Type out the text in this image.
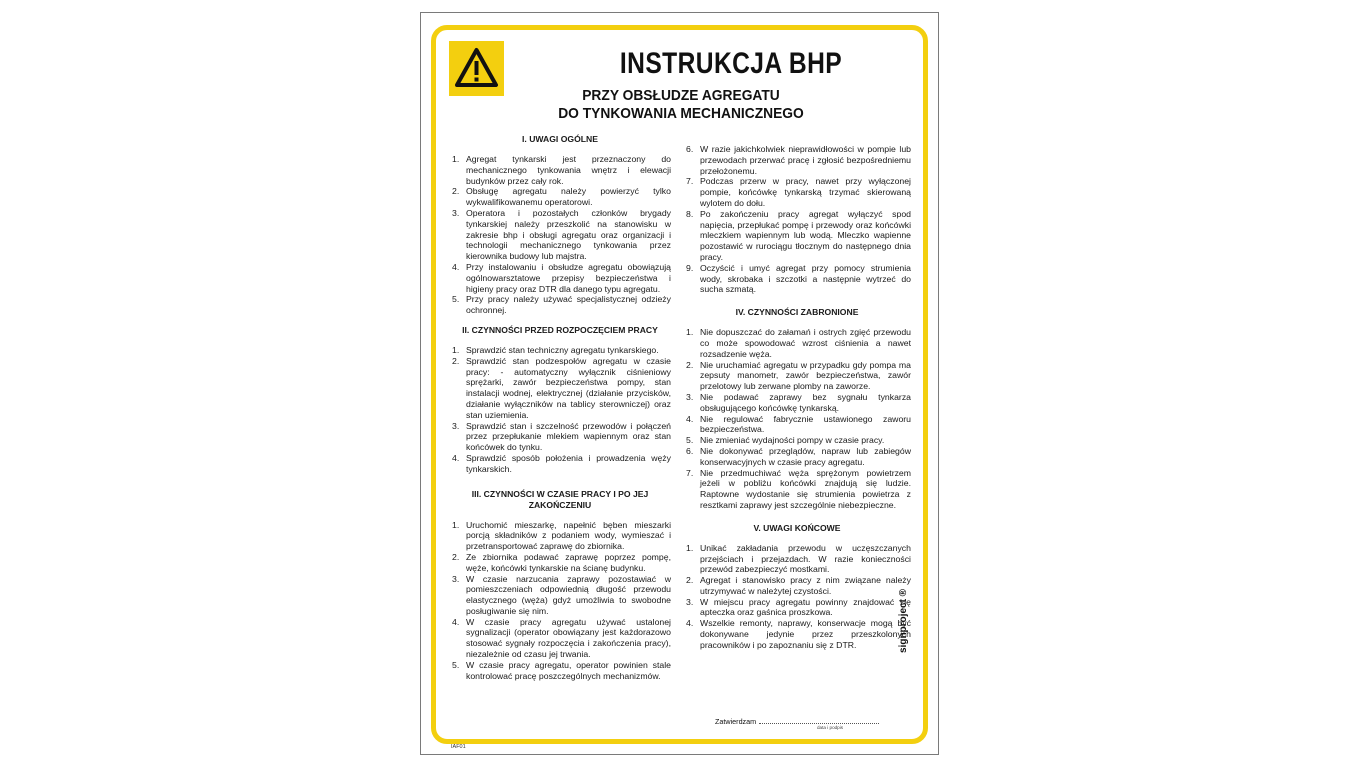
INSTRUKCJA BHP
PRZY OBSŁUDZE AGREGATU
DO TYNKOWANIA MECHANICZNEGO
I. UWAGI OGÓLNE
1. Agregat tynkarski jest przeznaczony do mechanicznego tynkowania wnętrz i elewacji budynków przez cały rok.
2. Obsługę agregatu należy powierzyć tylko wykwalifikowanemu operatorowi.
3. Operatora i pozostałych członków brygady tynkarskiej należy przeszkolić na stanowisku w zakresie bhp i obsługi agregatu oraz organizacji i technologii mechanicznego tynkowania przez kierownika budowy lub majstra.
4. Przy instalowaniu i obsłudze agregatu obowiązują ogólnowarsztatowe przepisy bezpieczeństwa i higieny pracy oraz DTR dla danego typu agregatu.
5. Przy pracy należy używać specjalistycznej odzieży ochronnej.
II. CZYNNOŚCI PRZED ROZPOCZĘCIEM PRACY
1. Sprawdzić stan techniczny agregatu tynkarskiego.
2. Sprawdzić stan podzespołów agregatu w czasie pracy: - automatyczny wyłącznik ciśnieniowy sprężarki, zawór bezpieczeństwa pompy, stan instalacji wodnej, elektrycznej (działanie przycisków, działanie wyłączników na tablicy sterowniczej) oraz stan uziemienia.
3. Sprawdzić stan i szczelność przewodów i połączeń przez przepłukanie mlekiem wapiennym oraz stan końcówek do tynku.
4. Sprawdzić sposób położenia i prowadzenia węży tynkarskich.
III. CZYNNOŚCI W CZASIE PRACY I PO JEJ ZAKOŃCZENIU
1. Uruchomić mieszarkę, napełnić bęben mieszarki porcją składników z podaniem wody, wymieszać i przetransportować zaprawę do zbiornika.
2. Ze zbiornika podawać zaprawę poprzez pompę, węże, końcówki tynkarskie na ścianę budynku.
3. W czasie narzucania zaprawy pozostawiać w pomieszczeniach odpowiednią długość przewodu elastycznego (węża) gdyż umożliwia to swobodne posługiwanie się nim.
4. W czasie pracy agregatu używać ustalonej sygnalizacji (operator obowiązany jest każdorazowo stosować sygnały rozpoczęcia i zakończenia pracy), niezależnie od czasu jej trwania.
5. W czasie pracy agregatu, operator powinien stale kontrolować pracę poszczególnych mechanizmów.
6. W razie jakichkolwiek nieprawidłowości w pompie lub przewodach przerwać pracę i zgłosić bezpośredniemu przełożonemu.
7. Podczas przerw w pracy, nawet przy wyłączonej pompie, końcówkę tynkarską trzymać skierowaną wylotem do dołu.
8. Po zakończeniu pracy agregat wyłączyć spod napięcia, przepłukać pompę i przewody oraz końcówki mleczkiem wapiennym lub wodą. Mleczko wapienne pozostawić w rurociągu tłocznym do następnego dnia pracy.
9. Oczyścić i umyć agregat przy pomocy strumienia wody, skrobaka i szczotki a następnie wytrzeć do sucha szmatą.
IV. CZYNNOŚCI ZABRONIONE
1. Nie dopuszczać do załamań i ostrych zgięć przewodu co może spowodować wzrost ciśnienia a nawet rozsadzenie węża.
2. Nie uruchamiać agregatu w przypadku gdy pompa ma zepsuty manometr, zawór bezpieczeństwa, zawór przelotowy lub zerwane plomby na zaworze.
3. Nie podawać zaprawy bez sygnału tynkarza obsługującego końcówkę tynkarską.
4. Nie regulować fabrycznie ustawionego zaworu bezpieczeństwa.
5. Nie zmieniać wydajności pompy w czasie pracy.
6. Nie dokonywać przeglądów, napraw lub zabiegów konserwacyjnych w czasie pracy agregatu.
7. Nie przedmuchiwać węża sprężonym powietrzem jeżeli w pobliżu końcówki znajdują się ludzie. Raptowne wydostanie się strumienia powietrza z resztkami zaprawy jest szczególnie niebezpieczne.
V. UWAGI KOŃCOWE
1. Unikać zakładania przewodu w uczęszczanych przejściach i przejazdach. W razie konieczności przewód zabezpieczyć mostkami.
2. Agregat i stanowisko pracy z nim związane należy utrzymywać w należytej czystości.
3. W miejscu pracy agregatu powinny znajdować się apteczka oraz gaśnica proszkowa.
4. Wszelkie remonty, naprawy, konserwacje mogą być dokonywane jedynie przez przeszkolonych pracowników i po zapoznaniu się z DTR.
Zatwierdzam
data i podpis
signproject ®
IAF01
